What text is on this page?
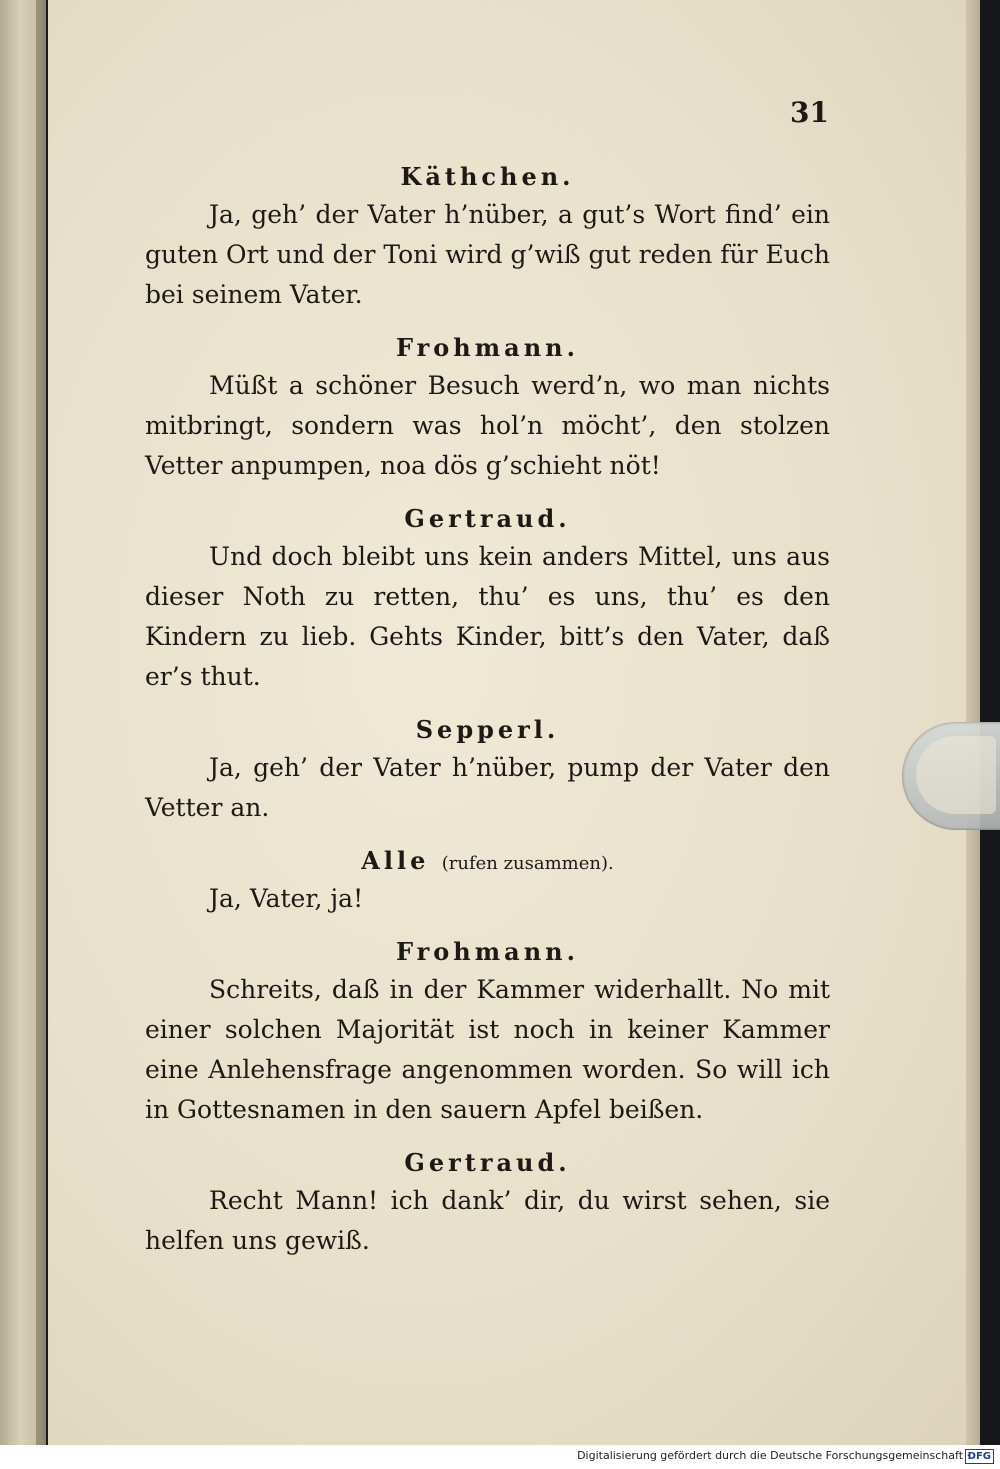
31
Käthchen.

Ja, geh’ der Vater h’nüber, a gut’s Wort find’ ein guten Ort und der Toni wird g’wiß gut reden für Euch bei seinem Vater.

Frohmann.

Müßt a schöner Besuch werd’n, wo man nichts mitbringt, sondern was hol’n möcht’, den stolzen Vetter anpumpen, noa dös g’schieht nöt!

Gertraud.

Und doch bleibt uns kein anders Mittel, uns aus dieser Noth zu retten, thu’ es uns, thu’ es den Kindern zu lieb. Gehts Kinder, bitt’s den Vater, daß er’s thut.

Sepperl.

Ja, geh’ der Vater h’nüber, pump der Vater den Vetter an.

Alle (rufen zusammen).

Ja, Vater, ja!

Frohmann.

Schreits, daß in der Kammer widerhallt. No mit einer solchen Majorität ist noch in keiner Kammer eine Anlehensfrage angenommen worden. So will ich in Gottesnamen in den sauern Apfel beißen.

Gertraud.

Recht Mann! ich dank’ dir, du wirst sehen, sie helfen uns gewiß.

Digitalisierung gefördert durch die Deutsche Forschungsgemeinschaft ·
DFG
